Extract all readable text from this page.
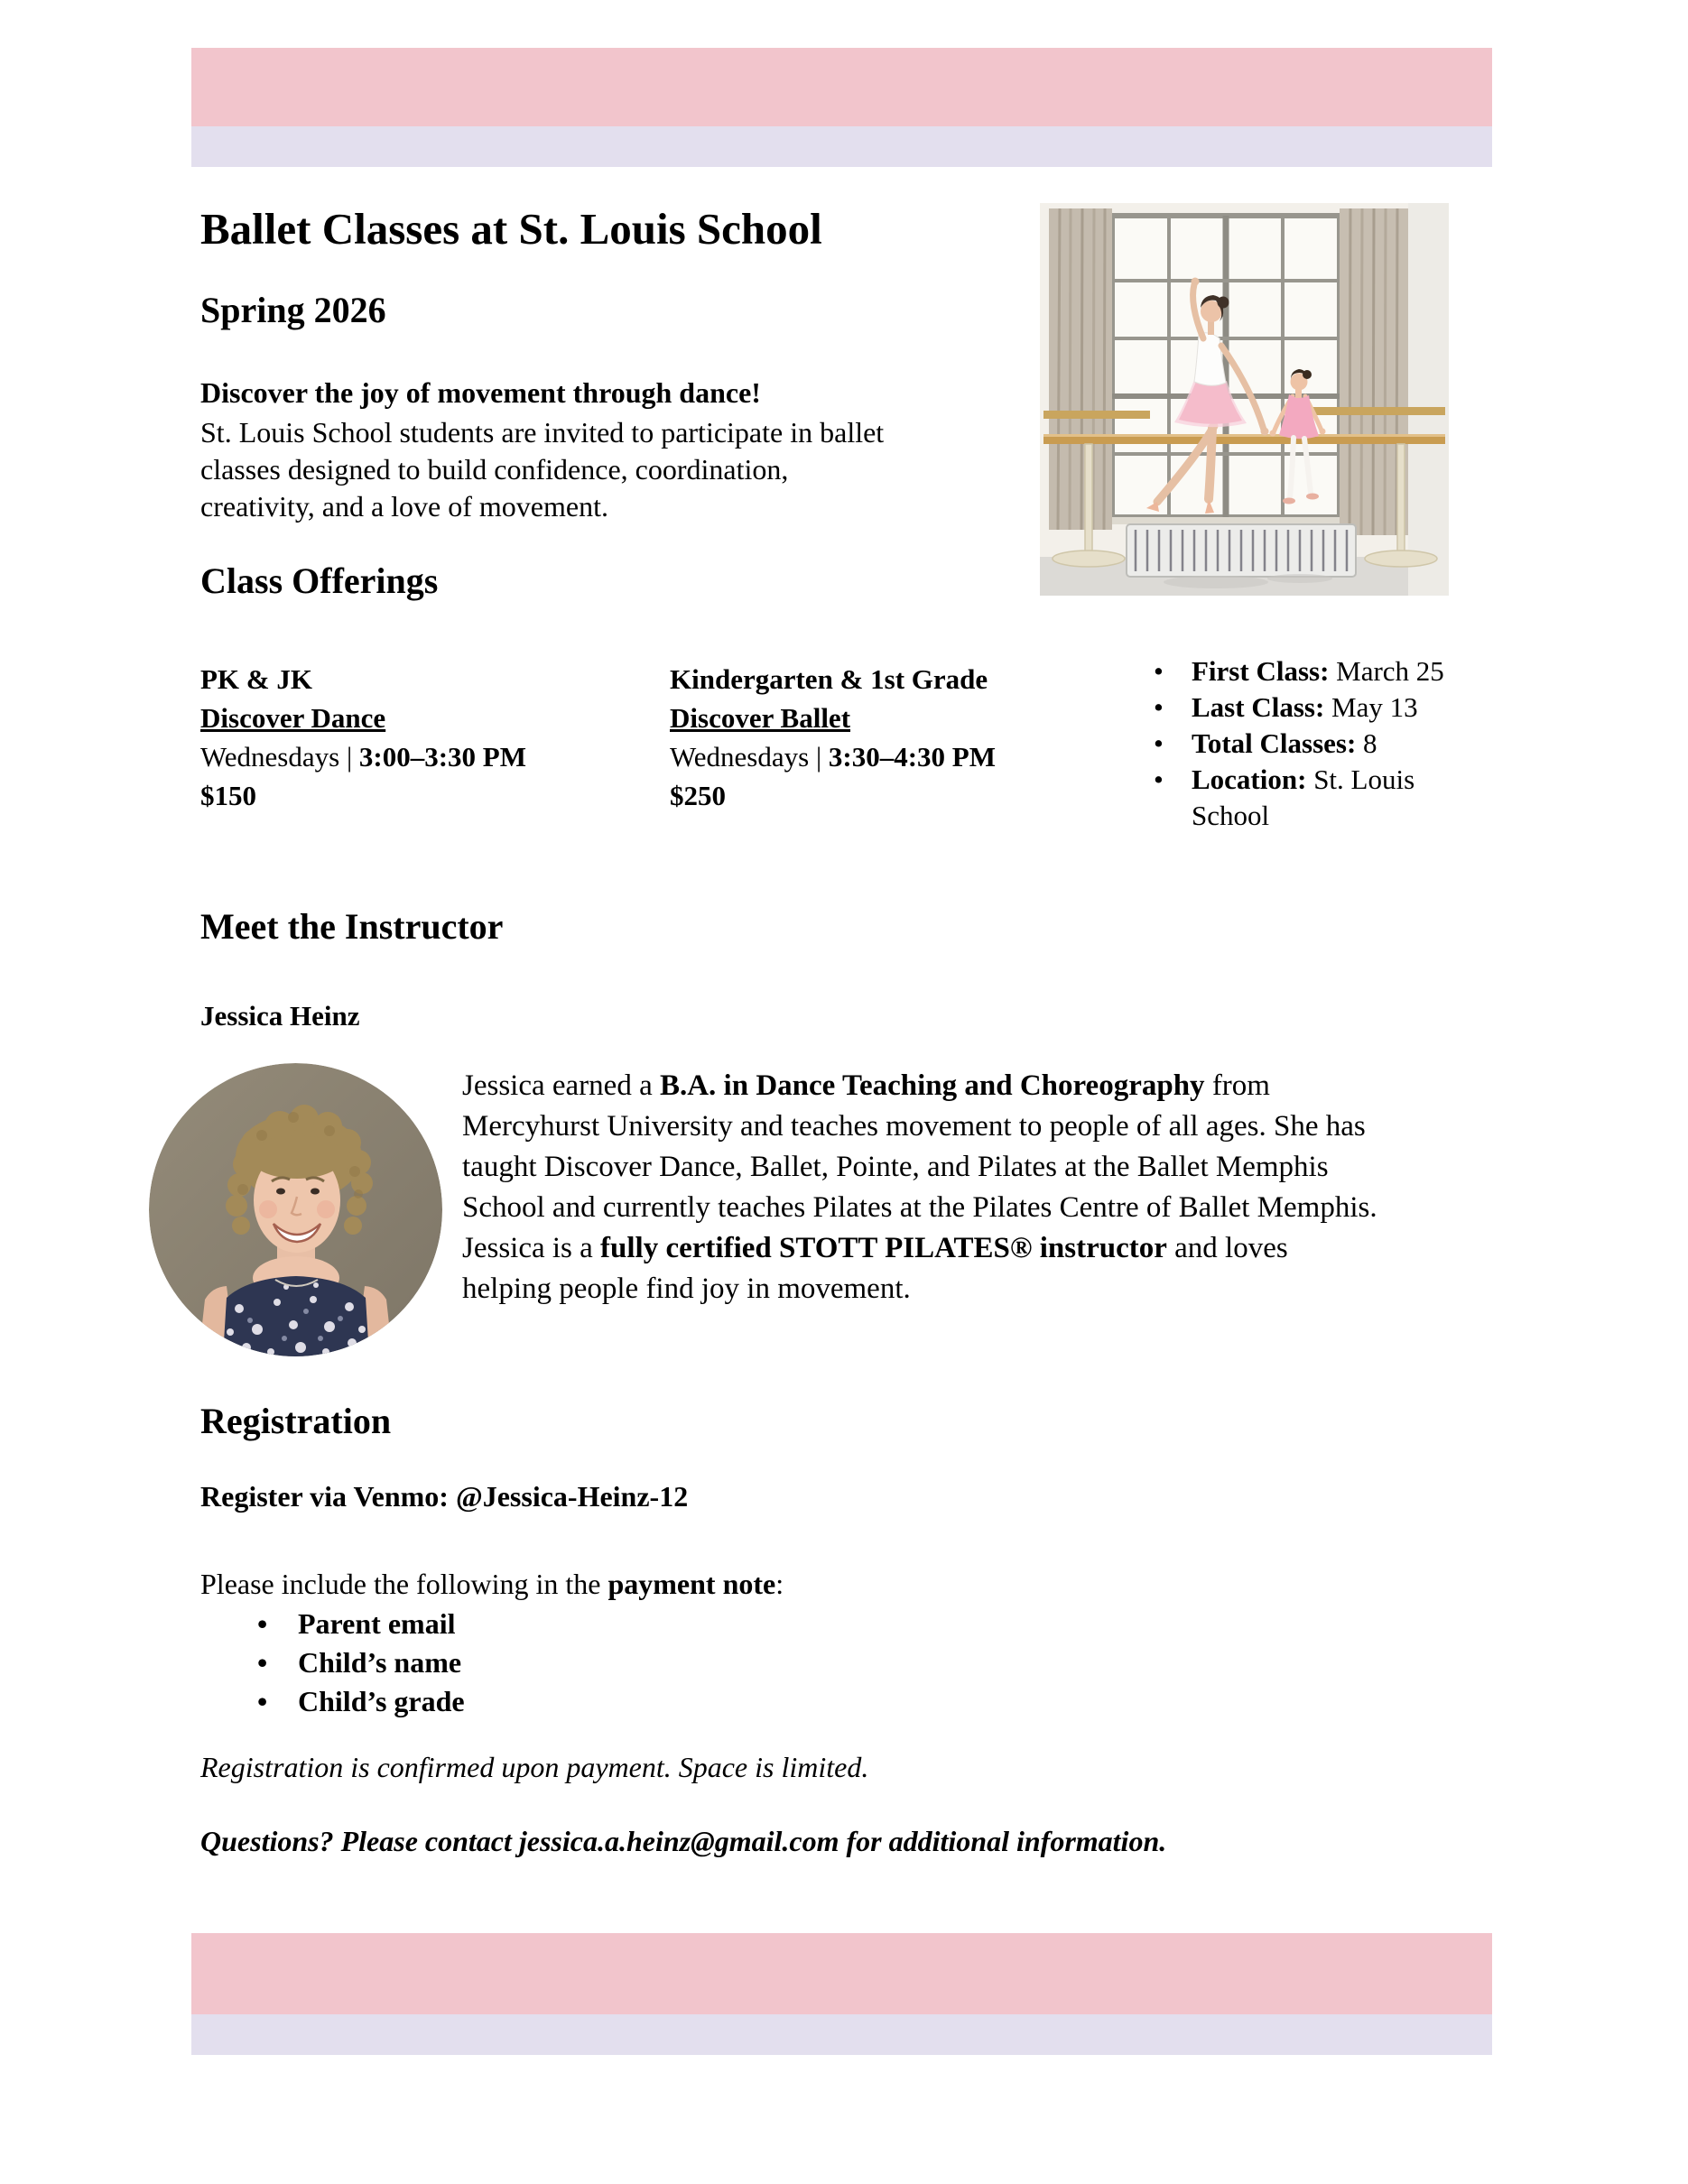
Ballet Classes at St. Louis School
Spring 2026
Discover the joy of movement through dance!
St. Louis School students are invited to participate in ballet
classes designed to build confidence, coordination,
creativity, and a love of movement.
Class Offerings
PK & JK
Discover Dance
Wednesdays | 3:00–3:30 PM
$150
Kindergarten & 1st Grade
Discover Ballet
Wednesdays | 3:30–4:30 PM
$250
•
First Class: March 25
•
Last Class: May 13
•
Total Classes: 8
•
Location: St. Louis School
Meet the Instructor
Jessica Heinz
Jessica earned a B.A. in Dance Teaching and Choreography from
Mercyhurst University and teaches movement to people of all ages. She has
taught Discover Dance, Ballet, Pointe, and Pilates at the Ballet Memphis
School and currently teaches Pilates at the Pilates Centre of Ballet Memphis.
Jessica is a fully certified STOTT PILATES® instructor and loves
helping people find joy in movement.
Registration
Register via Venmo: @Jessica-Heinz-12
Please include the following in the payment note:
•
Parent email
•
Child’s name
•
Child’s grade
Registration is confirmed upon payment. Space is limited.
Questions? Please contact jessica.a.heinz@gmail.com for additional information.
